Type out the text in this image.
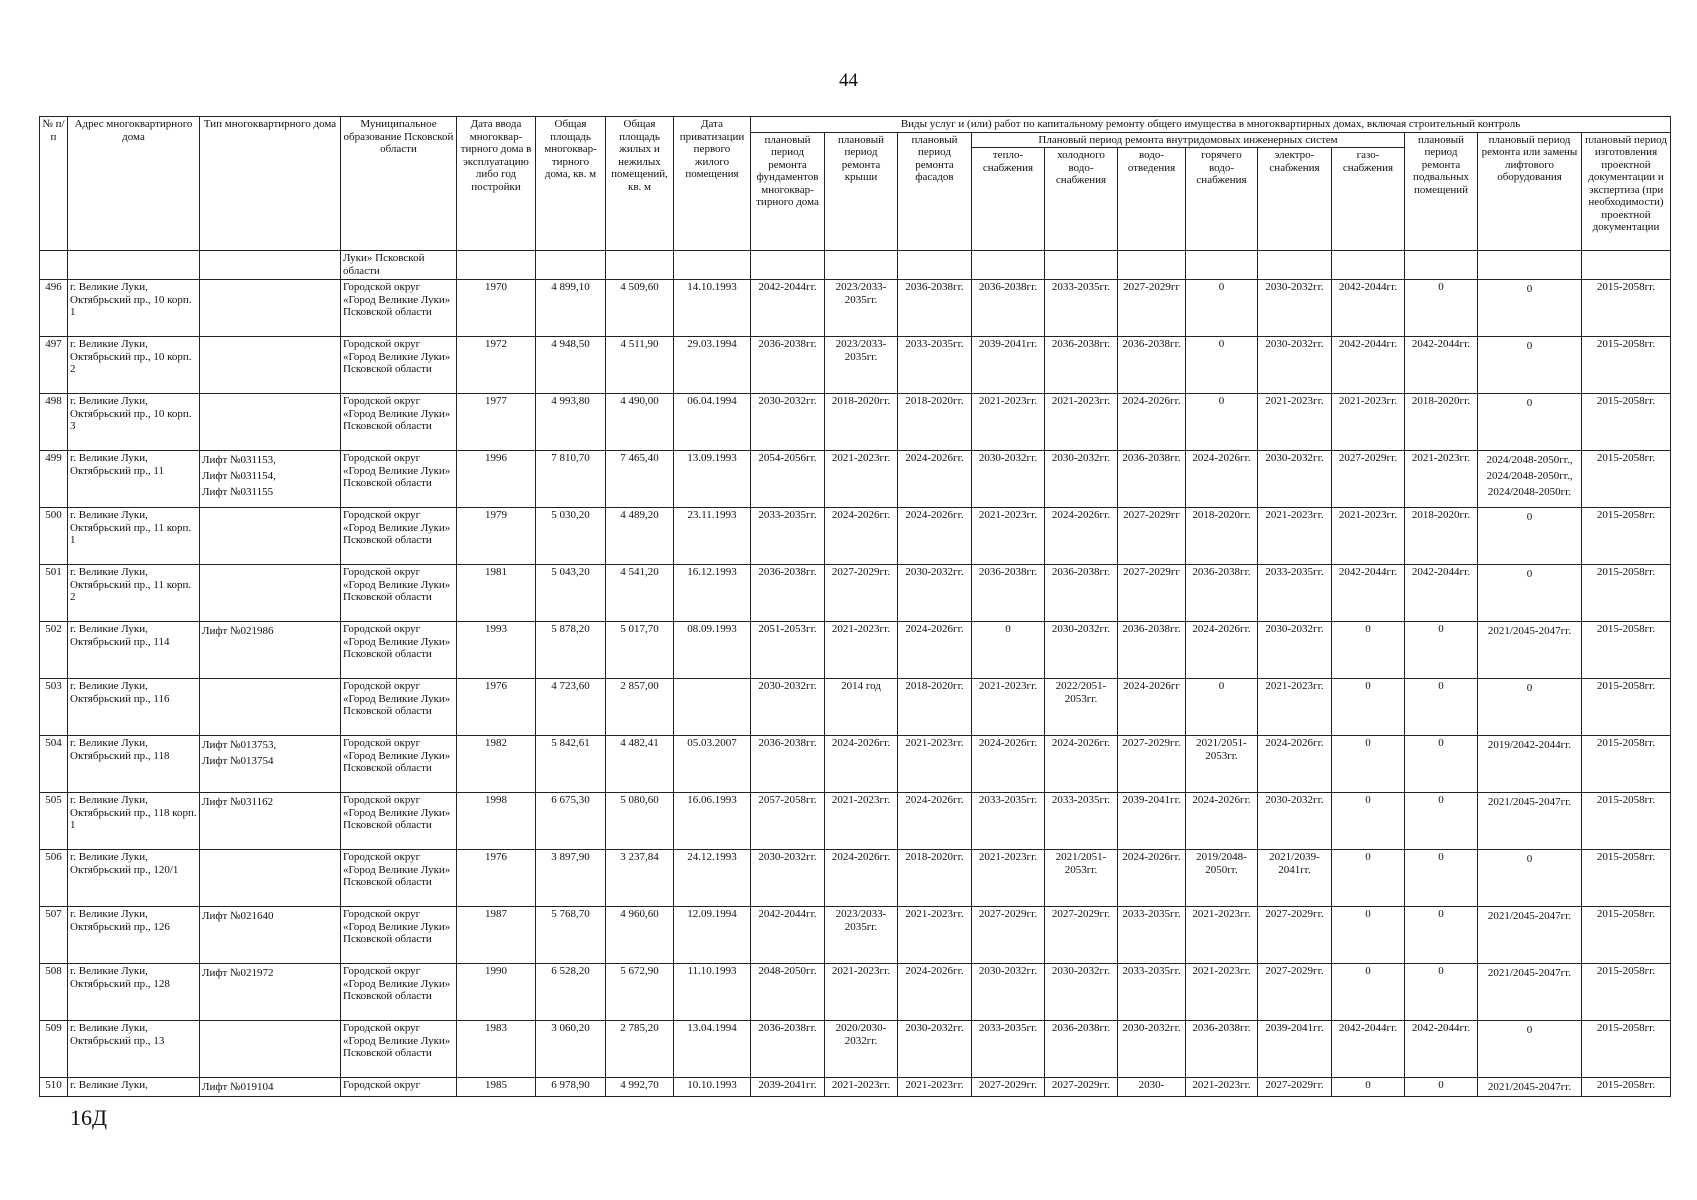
44
№ п/п	Адрес многоквартирного дома	Тип многоквартирного дома	Муниципальное образование Псковской области	Дата ввода многоквар- тирного дома в эксплуатацию либо год постройки	Общая площадь многоквар- тирного дома, кв. м	Общая площадь жилых и нежилых помещений, кв. м	Дата приватизации первого жилого помещения	Виды услуг и (или) работ по капитальному ремонту общего имущества в многоквартирных домах, включая строительный контроль											
								плановый период ремонта фундаментов многоквар- тирного дома	плановый период ремонта крыши	плановый период ремонта фасадов	Плановый период ремонта внутридомовых инженерных систем						плановый период ремонта подвальных помещений	плановый период ремонта или замены лифтового оборудования	плановый период изготовления проектной документации и экспертиза (при необходимости) проектной документации
											тепло- снабжения	холодного водо- снабжения	водо- отведения	горячего водо- снабжения	электро- снабжения	газо- снабжения			
			Луки» Псковской области																
496	г. Великие Луки, Октябрьский пр., 10 корп. 1		Городской округ «Город Великие Луки» Псковской области	1970	4 899,10	4 509,60	14.10.1993	2042-2044гг.	2023/2033-2035гг.	2036-2038гг.	2036-2038гг.	2033-2035гг.	2027-2029гг	0	2030-2032гг.	2042-2044гг.	0	0	2015-2058гг.
497	г. Великие Луки, Октябрьский пр., 10 корп. 2		Городской округ «Город Великие Луки» Псковской области	1972	4 948,50	4 511,90	29.03.1994	2036-2038гг.	2023/2033-2035гг.	2033-2035гг.	2039-2041гг.	2036-2038гг.	2036-2038гг.	0	2030-2032гг.	2042-2044гг.	2042-2044гг.	0	2015-2058гг.
498	г. Великие Луки, Октябрьский пр., 10 корп. 3		Городской округ «Город Великие Луки» Псковской области	1977	4 993,80	4 490,00	06.04.1994	2030-2032гг.	2018-2020гг.	2018-2020гг.	2021-2023гг.	2021-2023гг.	2024-2026гг.	0	2021-2023гг.	2021-2023гг.	2018-2020гг.	0	2015-2058гг.
499	г. Великие Луки, Октябрьский пр., 11	Лифт №031153,
Лифт №031154,
Лифт №031155	Городской округ «Город Великие Луки» Псковской области	1996	7 810,70	7 465,40	13.09.1993	2054-2056гг.	2021-2023гг.	2024-2026гг.	2030-2032гг.	2030-2032гг.	2036-2038гг.	2024-2026гг.	2030-2032гг.	2027-2029гг.	2021-2023гг.	2024/2048-2050гг.,
2024/2048-2050гг.,
2024/2048-2050гг.	2015-2058гг.
500	г. Великие Луки, Октябрьский пр., 11 корп. 1		Городской округ «Город Великие Луки» Псковской области	1979	5 030,20	4 489,20	23.11.1993	2033-2035гг.	2024-2026гг.	2024-2026гг.	2021-2023гг.	2024-2026гг.	2027-2029гг	2018-2020гг.	2021-2023гг.	2021-2023гг.	2018-2020гг.	0	2015-2058гг.
501	г. Великие Луки, Октябрьский пр., 11 корп. 2		Городской округ «Город Великие Луки» Псковской области	1981	5 043,20	4 541,20	16.12.1993	2036-2038гг.	2027-2029гг.	2030-2032гг.	2036-2038гг.	2036-2038гг.	2027-2029гг	2036-2038гг.	2033-2035гг.	2042-2044гг.	2042-2044гг.	0	2015-2058гг.
502	г. Великие Луки, Октябрьский пр., 114	Лифт №021986	Городской округ «Город Великие Луки» Псковской области	1993	5 878,20	5 017,70	08.09.1993	2051-2053гг.	2021-2023гг.	2024-2026гг.	0	2030-2032гг.	2036-2038гг.	2024-2026гг.	2030-2032гг.	0	0	2021/2045-2047гг.	2015-2058гг.
503	г. Великие Луки, Октябрьский пр., 116		Городской округ «Город Великие Луки» Псковской области	1976	4 723,60	2 857,00		2030-2032гг.	2014 год	2018-2020гг.	2021-2023гг.	2022/2051-2053гг.	2024-2026гг	0	2021-2023гг.	0	0	0	2015-2058гг.
504	г. Великие Луки, Октябрьский пр., 118	Лифт №013753,
Лифт №013754	Городской округ «Город Великие Луки» Псковской области	1982	5 842,61	4 482,41	05.03.2007	2036-2038гг.	2024-2026гг.	2021-2023гг.	2024-2026гг.	2024-2026гг.	2027-2029гг.	2021/2051-2053гг.	2024-2026гг.	0	0	2019/2042-2044гг.	2015-2058гг.
505	г. Великие Луки, Октябрьский пр., 118 корп. 1	Лифт №031162	Городской округ «Город Великие Луки» Псковской области	1998	6 675,30	5 080,60	16.06.1993	2057-2058гг.	2021-2023гг.	2024-2026гг.	2033-2035гг.	2033-2035гг.	2039-2041гг.	2024-2026гг.	2030-2032гг.	0	0	2021/2045-2047гг.	2015-2058гг.
506	г. Великие Луки, Октябрьский пр., 120/1		Городской округ «Город Великие Луки» Псковской области	1976	3 897,90	3 237,84	24.12.1993	2030-2032гг.	2024-2026гг.	2018-2020гг.	2021-2023гг.	2021/2051-2053гг.	2024-2026гг.	2019/2048-2050гг.	2021/2039-2041гг.	0	0	0	2015-2058гг.
507	г. Великие Луки, Октябрьский пр., 126	Лифт №021640	Городской округ «Город Великие Луки» Псковской области	1987	5 768,70	4 960,60	12.09.1994	2042-2044гг.	2023/2033-2035гг.	2021-2023гг.	2027-2029гг.	2027-2029гг.	2033-2035гг.	2021-2023гг.	2027-2029гг.	0	0	2021/2045-2047гг.	2015-2058гг.
508	г. Великие Луки, Октябрьский пр., 128	Лифт №021972	Городской округ «Город Великие Луки» Псковской области	1990	6 528,20	5 672,90	11.10.1993	2048-2050гг.	2021-2023гг.	2024-2026гг.	2030-2032гг.	2030-2032гг.	2033-2035гг.	2021-2023гг.	2027-2029гг.	0	0	2021/2045-2047гг.	2015-2058гг.
509	г. Великие Луки, Октябрьский пр., 13		Городской округ «Город Великие Луки» Псковской области	1983	3 060,20	2 785,20	13.04.1994	2036-2038гг.	2020/2030-2032гг.	2030-2032гг.	2033-2035гг.	2036-2038гг.	2030-2032гг.	2036-2038гг.	2039-2041гг.	2042-2044гг.	2042-2044гг.	0	2015-2058гг.
510	г. Великие Луки,	Лифт №019104	Городской округ	1985	6 978,90	4 992,70	10.10.1993	2039-2041гг.	2021-2023гг.	2021-2023гг.	2027-2029гг.	2027-2029гг.	2030-	2021-2023гг.	2027-2029гг.	0	0	2021/2045-2047гг.	2015-2058гг.
16Д
